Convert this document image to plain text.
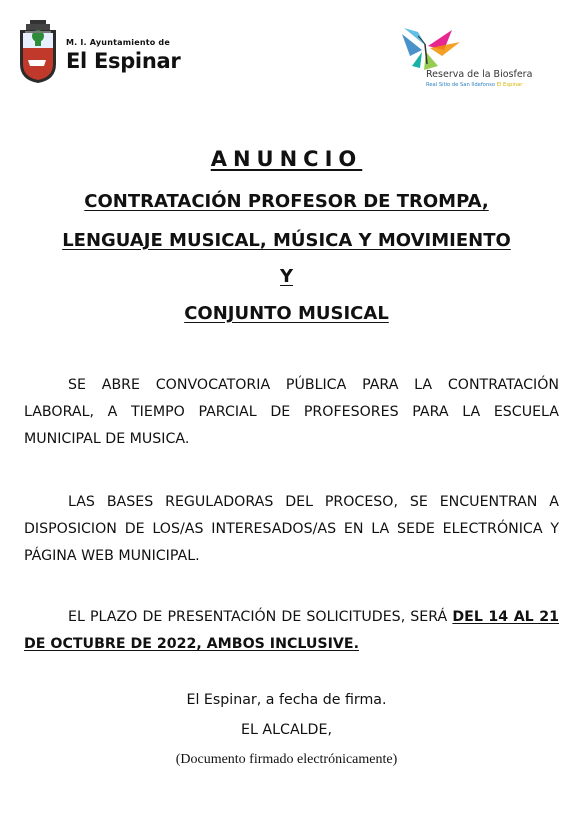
M. I. Ayuntamiento de
El Espinar
Reserva de la Biosfera
Real Sitio de San Ildefonso El Espinar
ANUNCIO
CONTRATACIÓN PROFESOR DE TROMPA,
LENGUAJE MUSICAL, MÚSICA Y MOVIMIENTO
Y
CONJUNTO MUSICAL
SE ABRE CONVOCATORIA PÚBLICA PARA LA CONTRATACIÓN LABORAL, A TIEMPO PARCIAL DE PROFESORES PARA LA ESCUELA MUNICIPAL DE MUSICA.
LAS BASES REGULADORAS DEL PROCESO, SE ENCUENTRAN A DISPOSICION DE LOS/AS INTERESADOS/AS EN LA SEDE ELECTRÓNICA Y PÁGINA WEB MUNICIPAL.
EL PLAZO DE PRESENTACIÓN DE SOLICITUDES, SERÁ DEL 14 AL 21 DE OCTUBRE DE 2022, AMBOS INCLUSIVE.
El Espinar, a fecha de firma.
EL ALCALDE,
(Documento firmado electrónicamente)
